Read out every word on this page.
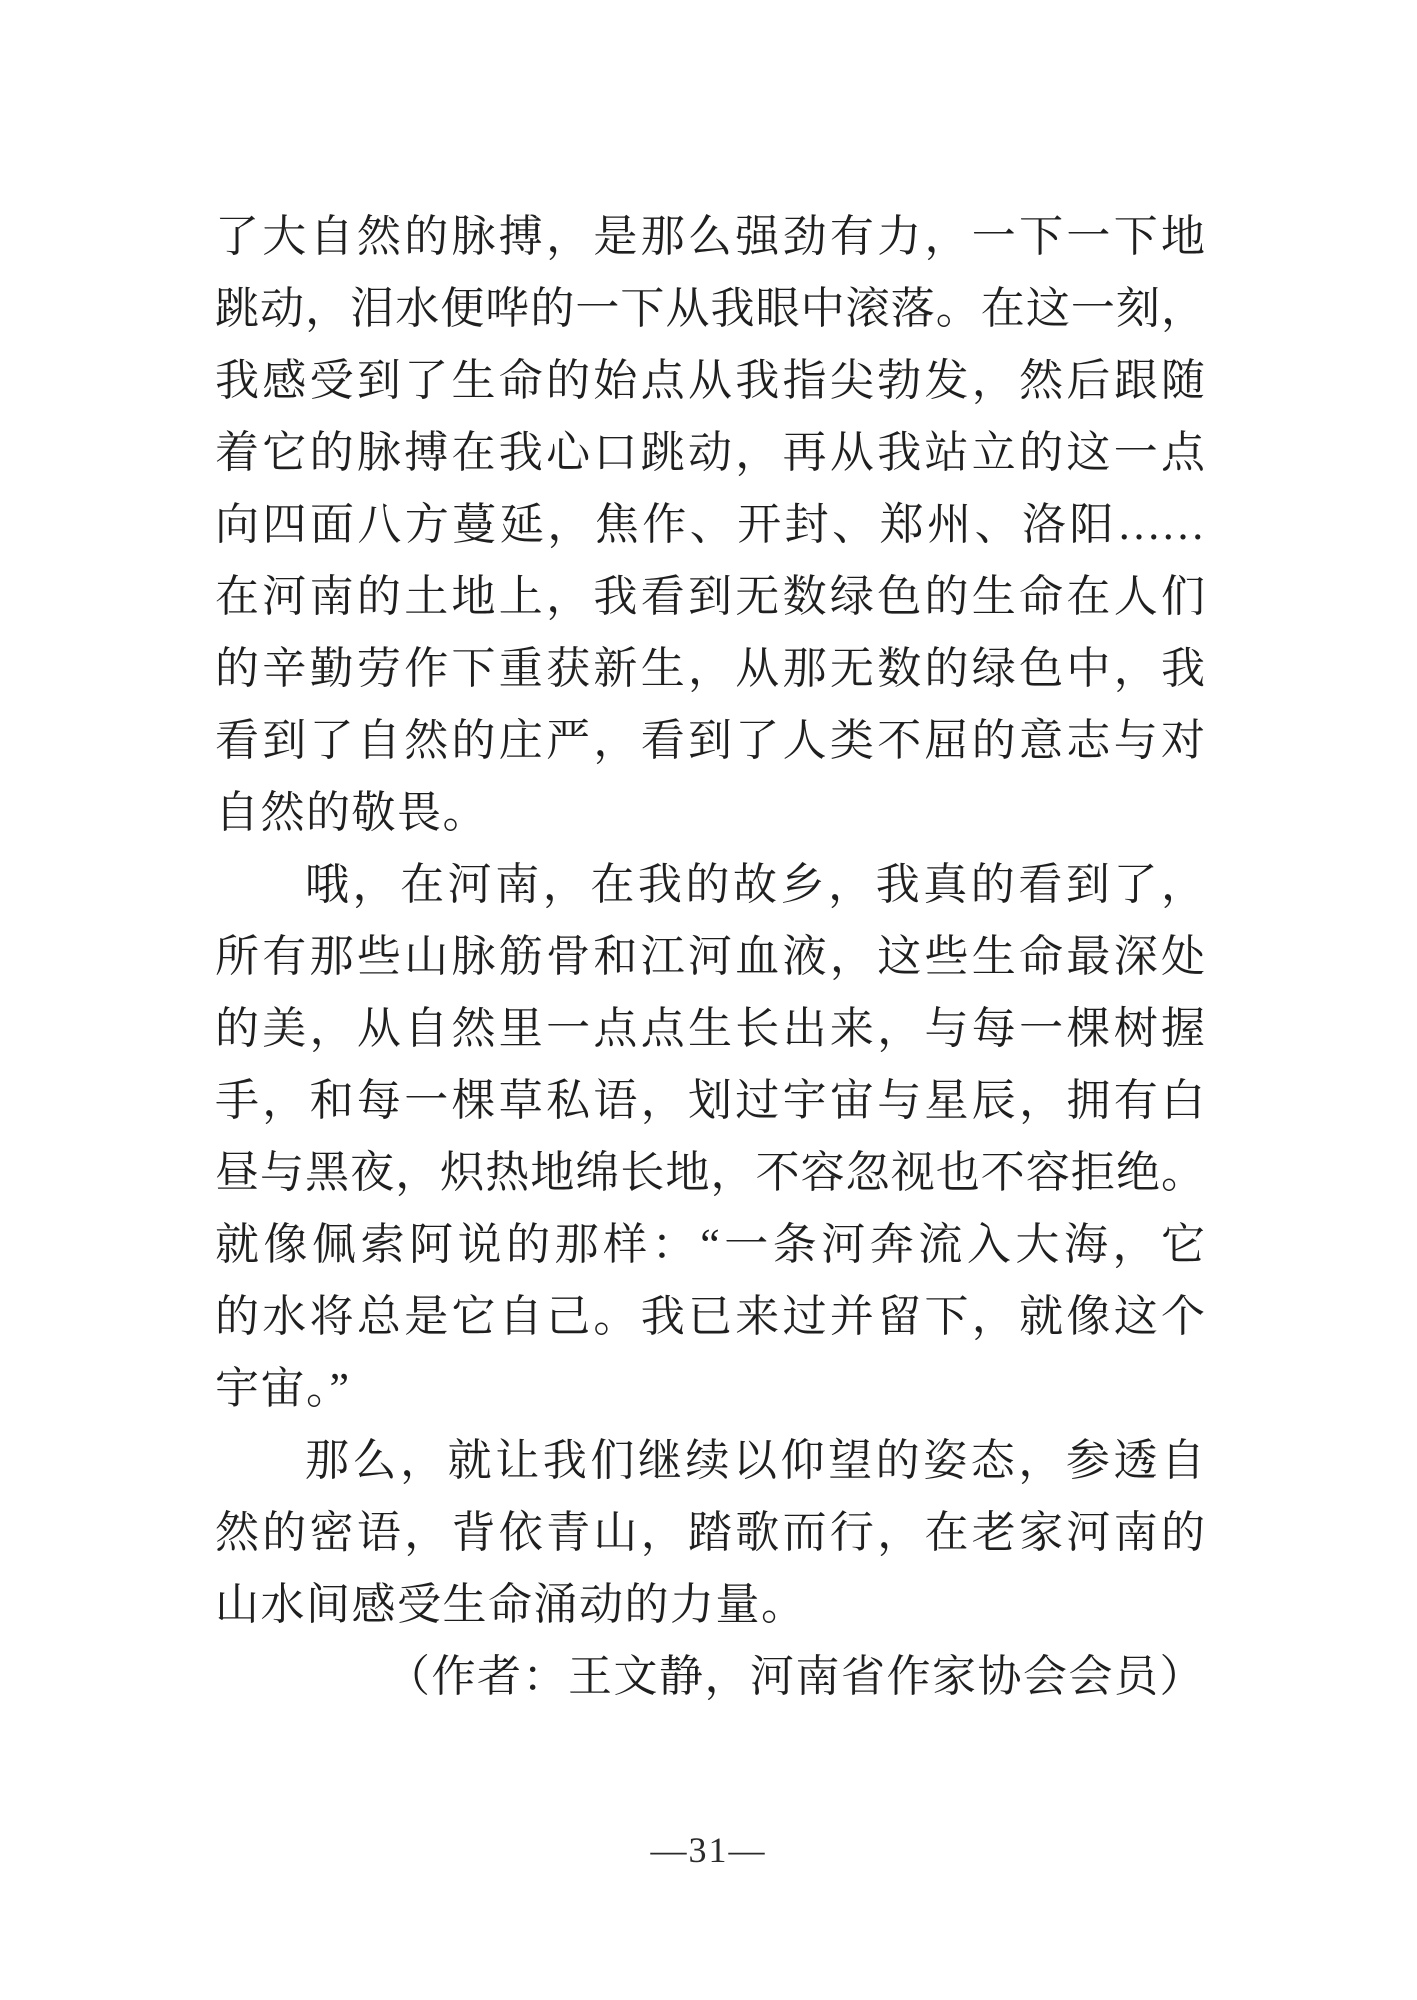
了大自然的脉搏，是那么强劲有力，一下一下地
跳动，泪水便哗的一下从我眼中滚落。在这一刻，
我感受到了生命的始点从我指尖勃发，然后跟随
着它的脉搏在我心口跳动，再从我站立的这一点
向四面八方蔓延，焦作、开封、郑州、洛阳……
在河南的土地上，我看到无数绿色的生命在人们
的辛勤劳作下重获新生，从那无数的绿色中，我
看到了自然的庄严，看到了人类不屈的意志与对
自然的敬畏。
哦，在河南，在我的故乡，我真的看到了，
所有那些山脉筋骨和江河血液，这些生命最深处
的美，从自然里一点点生长出来，与每一棵树握
手，和每一棵草私语，划过宇宙与星辰，拥有白
昼与黑夜，炽热地绵长地，不容忽视也不容拒绝。
就像佩索阿说的那样：“一条河奔流入大海，它
的水将总是它自己。我已来过并留下，就像这个
宇宙。”
那么，就让我们继续以仰望的姿态，参透自
然的密语，背依青山，踏歌而行，在老家河南的
山水间感受生命涌动的力量。
（作者：王文静，河南省作家协会会员）
—31—
